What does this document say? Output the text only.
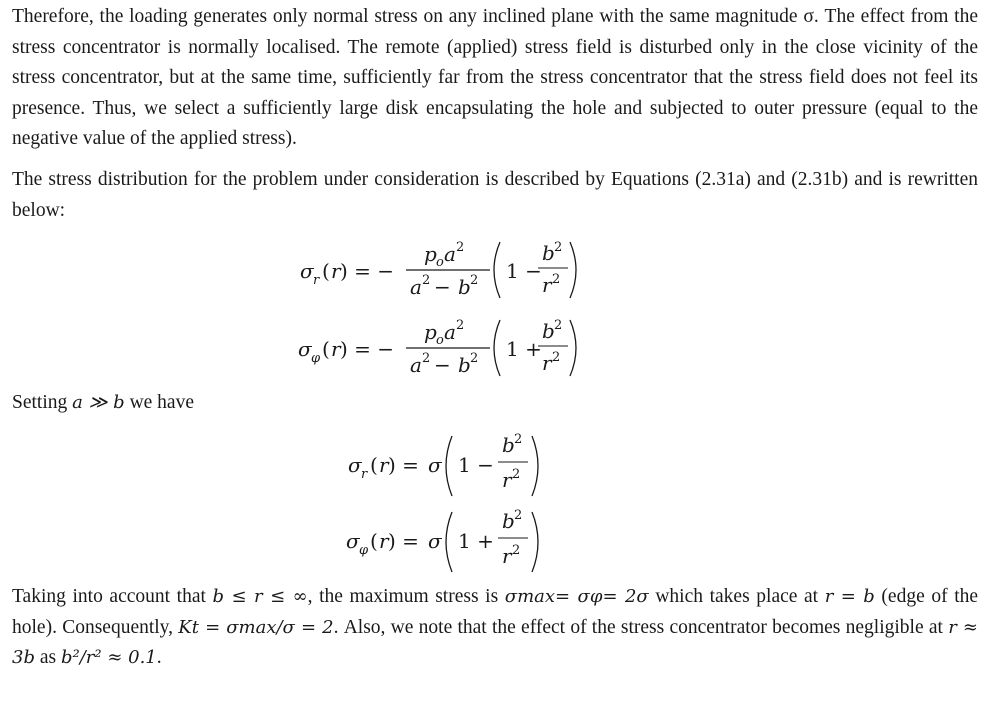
Therefore, the loading generates only normal stress on any inclined plane with the same magnitude σ. The effect from the stress concentrator is normally localised. The remote (applied) stress field is disturbed only in the close vicinity of the stress concentrator, but at the same time, sufficiently far from the stress concentrator that the stress field does not feel its presence. Thus, we select a sufficiently large disk encapsulating the hole and subjected to outer pressure (equal to the negative value of the applied stress).

The stress distribution for the problem under consideration is described by Equations (2.31a) and (2.31b) and is rewritten below:

σ r ( r ) = −
p o a 2
a 2 − b 2 1 −
b 2
r 2
σ φ ( r ) = −
p o a 2
a 2 − b 2 1 +
b 2
r 2
σ r ( r ) = σ 1 −
b 2
r 2
σ φ ( r ) = σ 1 +
b 2
r 2

Setting a ≫ b we have

Taking into account that b ≤ r ≤ ∞, the maximum stress is σmax= σφ= 2σ which takes place at r = b (edge of the hole). Consequently, Kt = σmax/σ = 2. Also, we note that the effect of the stress concentrator becomes negligible at r ≈ 3b as b²/r² ≈ 0.1.
